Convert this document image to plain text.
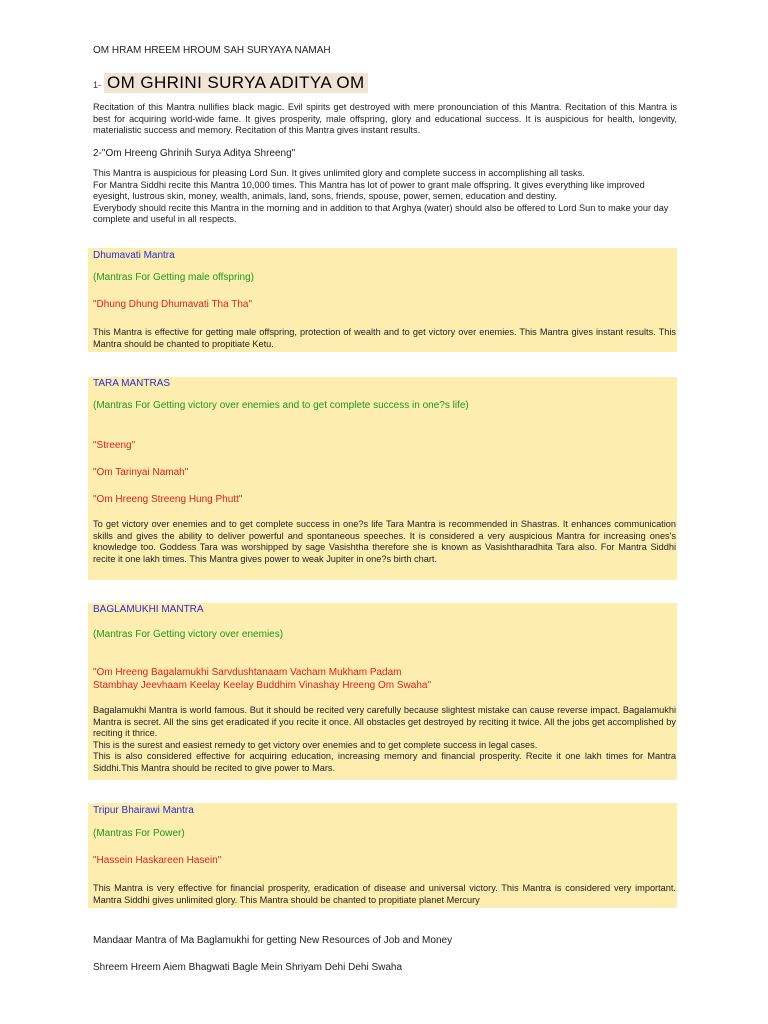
OM HRAM HREEM HROUM SAH SURYAYA NAMAH
1- OM GHRINI SURYA ADITYA OM
Recitation of this Mantra nullifies black magic. Evil spirits get destroyed with mere pronounciation of this Mantra. Recitation of this Mantra is best for acquiring world-wide fame. It gives prosperity, male offspring, glory and educational success. It is auspicious for health, longevity, materialistic success and memory. Recitation of this Mantra gives instant results.
2-"Om Hreeng Ghrinih Surya Aditya Shreeng"
This Mantra is auspicious for pleasing Lord Sun. It gives unlimited glory and complete success in accomplishing all tasks.
For Mantra Siddhi recite this Mantra 10,000 times. This Mantra has lot of power to grant male offspring. It gives everything like improved eyesight, lustrous skin, money, wealth, animals, land, sons, friends, spouse, power, semen, education and destiny.
Everybody should recite this Mantra in the morning and in addition to that Arghya (water) should also be offered to Lord Sun to make your day complete and useful in all respects.
Dhumavati Mantra
(Mantras For Getting male offspring)
"Dhung Dhung Dhumavati Tha Tha"
This Mantra is effective for getting male offspring, protection of wealth and to get victory over enemies. This Mantra gives instant results. This Mantra should be chanted to propitiate Ketu.
TARA MANTRAS
(Mantras For Getting victory over enemies and to get complete success in one?s life)
"Streeng"
"Om Tarinyai Namah"
"Om Hreeng Streeng Hung Phutt"
To get victory over enemies and to get complete success in one?s life Tara Mantra is recommended in Shastras. It enhances communication skills and gives the ability to deliver powerful and spontaneous speeches. It is considered a very auspicious Mantra for increasing ones's knowledge too. Goddess Tara was worshipped by sage Vasishtha therefore she is known as Vasishtharadhita Tara also. For Mantra Siddhi recite it one lakh times. This Mantra gives power to weak Jupiter in one?s birth chart.
BAGLAMUKHI MANTRA
(Mantras For Getting victory over enemies)
"Om Hreeng Bagalamukhi Sarvdushtanaam Vacham Mukham Padam
Stambhay Jeevhaam Keelay Keelay Buddhim Vinashay Hreeng Om Swaha"
Bagalamukhi Mantra is world famous. But it should be recited very carefully because slightest mistake can cause reverse impact. Bagalamukhi Mantra is secret. All the sins get eradicated if you recite it once. All obstacles get destroyed by reciting it twice. All the jobs get accomplished by reciting it thrice.
This is the surest and easiest remedy to get victory over enemies and to get complete success in legal cases.
This is also considered effective for acquiring education, increasing memory and financial prosperity. Recite it one lakh times for Mantra Siddhi.This Mantra should be recited to give power to Mars.
Tripur Bhairawi Mantra
(Mantras For Power)
"Hassein Haskareen Hasein"
This Mantra is very effective for financial prosperity, eradication of disease and universal victory. This Mantra is considered very important. Mantra Siddhi gives unlimited glory. This Mantra should be chanted to propitiate planet Mercury
Mandaar Mantra of Ma Baglamukhi for getting New Resources of Job and Money
Shreem Hreem Aiem Bhagwati Bagle Mein Shriyam Dehi Dehi Swaha
